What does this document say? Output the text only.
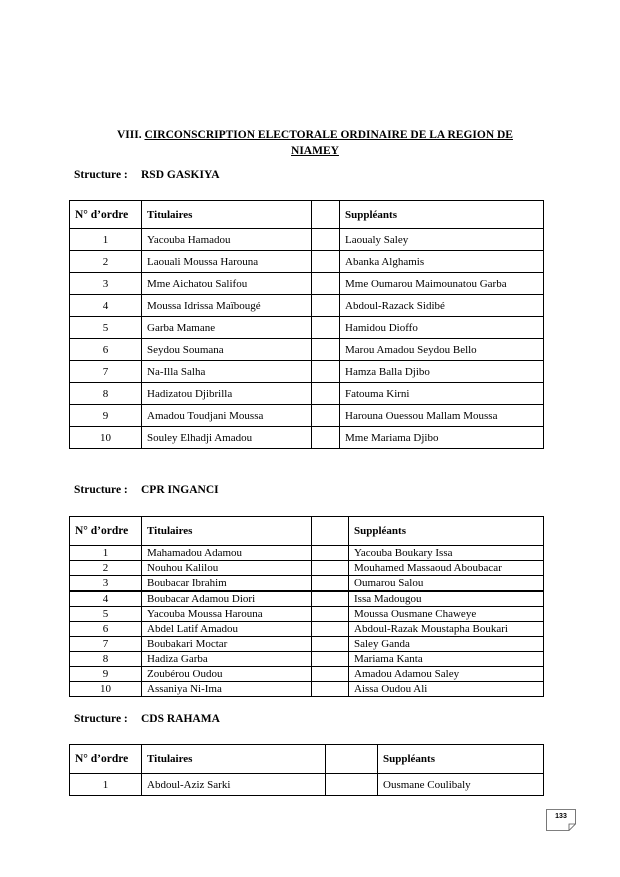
VIII. CIRCONSCRIPTION ELECTORALE ORDINAIRE DE LA REGION DE
NIAMEY
Structure : RSD GASKIYA
N° d’ordre	Titulaires		Suppléants
1	Yacouba Hamadou		Laoualy Saley
2	Laouali Moussa Harouna		Abanka Alghamis
3	Mme Aichatou Salifou		Mme Oumarou Maimounatou Garba
4	Moussa Idrissa Maïbougé		Abdoul-Razack Sidibé
5	Garba Mamane		Hamidou Dioffo
6	Seydou Soumana		Marou Amadou Seydou Bello
7	Na-Illa Salha		Hamza Balla Djibo
8	Hadizatou Djibrilla		Fatouma Kirni
9	Amadou Toudjani Moussa		Harouna Ouessou Mallam Moussa
10	Souley Elhadji Amadou		Mme Mariama Djibo
Structure : CPR INGANCI
N° d’ordre	Titulaires		Suppléants
1	Mahamadou Adamou		Yacouba Boukary Issa
2	Nouhou Kalilou		Mouhamed Massaoud Aboubacar
3	Boubacar Ibrahim		Oumarou Salou
4	Boubacar Adamou Diori		Issa Madougou
5	Yacouba Moussa Harouna		Moussa Ousmane Chaweye
6	Abdel Latif Amadou		Abdoul-Razak Moustapha Boukari
7	Boubakari Moctar		Saley Ganda
8	Hadiza Garba		Mariama Kanta
9	Zoubérou Oudou		Amadou Adamou Saley
10	Assaniya Ni-Ima		Aissa Oudou Ali
Structure : CDS RAHAMA
N° d’ordre	Titulaires		Suppléants
1	Abdoul-Aziz Sarki		Ousmane Coulibaly
133
